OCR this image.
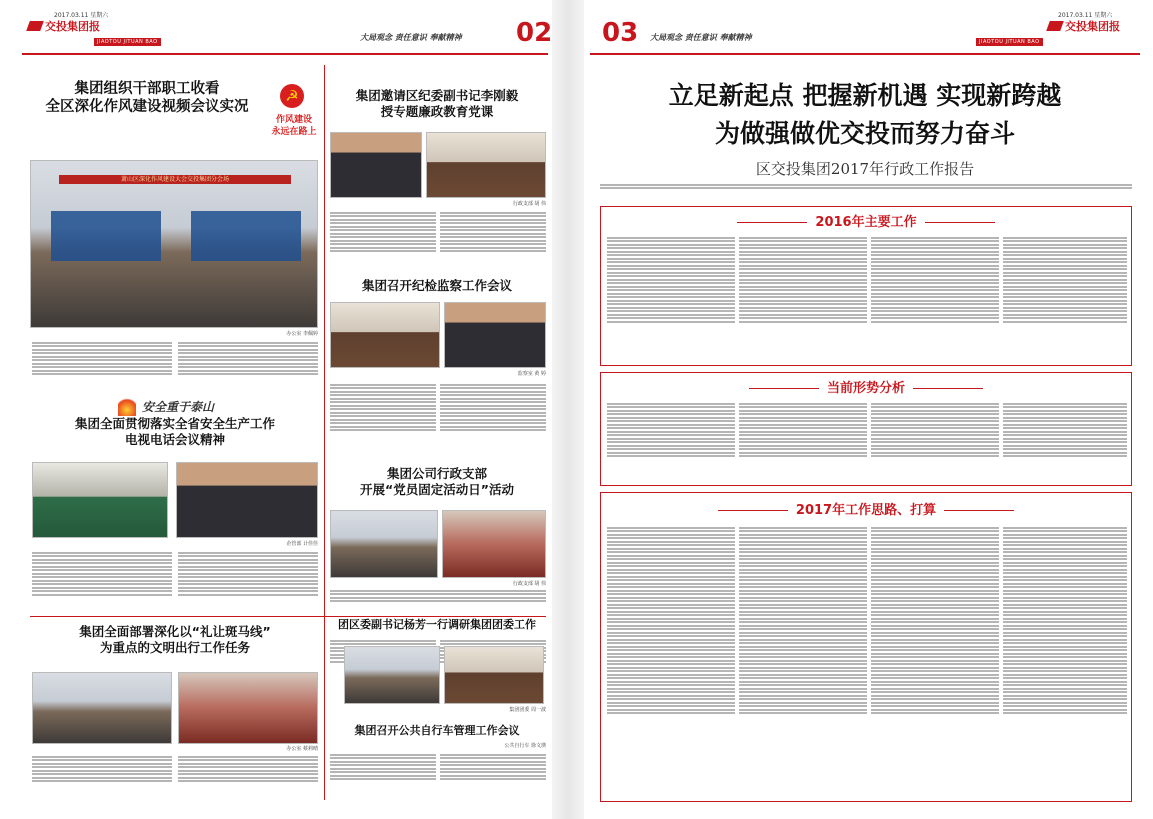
2017.03.11 星期六
交投集团报
JIAOTOU JITUAN BAO	大局观念 责任意识 奉献精神 02
集团组织干部职工收看
全区深化作风建设视频会议实况
☭
作风建设
永远在路上
萧山区深化作风建设大会交投集团分会场
办公室 李佩婷
集团邀请区纪委副书记李刚毅
授专题廉政教育党课
行政支部 胡 伟
集团召开纪检监察工作会议
监察室 黄 婷
安全重于泰山
集团全面贯彻落实全省安全生产工作
电视电话会议精神
企管部 计佳佳
集团公司行政支部
开展“党员固定活动日”活动
行政支部 胡 伟
集团全面部署深化以“礼让斑马线”
为重点的文明出行工作任务
办公室 蔡莉晴
团区委副书记杨芳一行调研集团团委工作
集团团委 周一波
集团召开公共自行车管理工作会议
公共自行车 徐文瑛
2017.03.11 星期六
03 大局观念 责任意识 奉献精神
交投集团报
JIAOTOU JITUAN BAO
立足新起点 把握新机遇 实现新跨越
为做强做优交投而努力奋斗
区交投集团2017年行政工作报告
2016年主要工作
当前形势分析
2017年工作思路、打算
